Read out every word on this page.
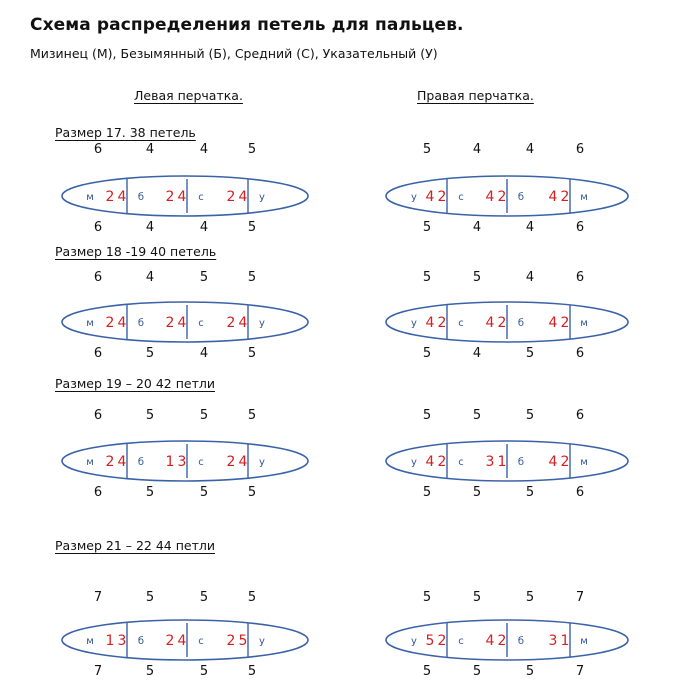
Схема распределения петель для пальцев.
Мизинец (М), Безымянный (Б), Средний (С), Указательный (У)
Левая перчатка.	Правая перчатка.
м 2 4 б 2 4 с 2 4 у	у 4 2 с 4 2 б 4 2 м
м 2 4 б 2 4 с 2 4 у	у 4 2 с 4 2 б 4 2 м
м 2 4 б 1 3 с 2 4 у	у 4 2 с 3 1 б 4 2 м
м 1 3 б 2 4 с 2 5 у	у 5 2 с 4 2 б 3 1 м
Размер 17. 38 петель
6	4	4	5
6	4	4	5
5	4	4	6
5	4	4	6
Размер 18 -19 40 петель
6	4	5	5
6	5	4	5
5	5	4	6
5	4	5	6
Размер 19 – 20 42 петли
6	5	5	5
6	5	5	5
5	5	5	6
5	5	5	6
Размер 21 – 22 44 петли
7	5	5	5
7	5	5	5
5	5	5	7
5	5	5	7
